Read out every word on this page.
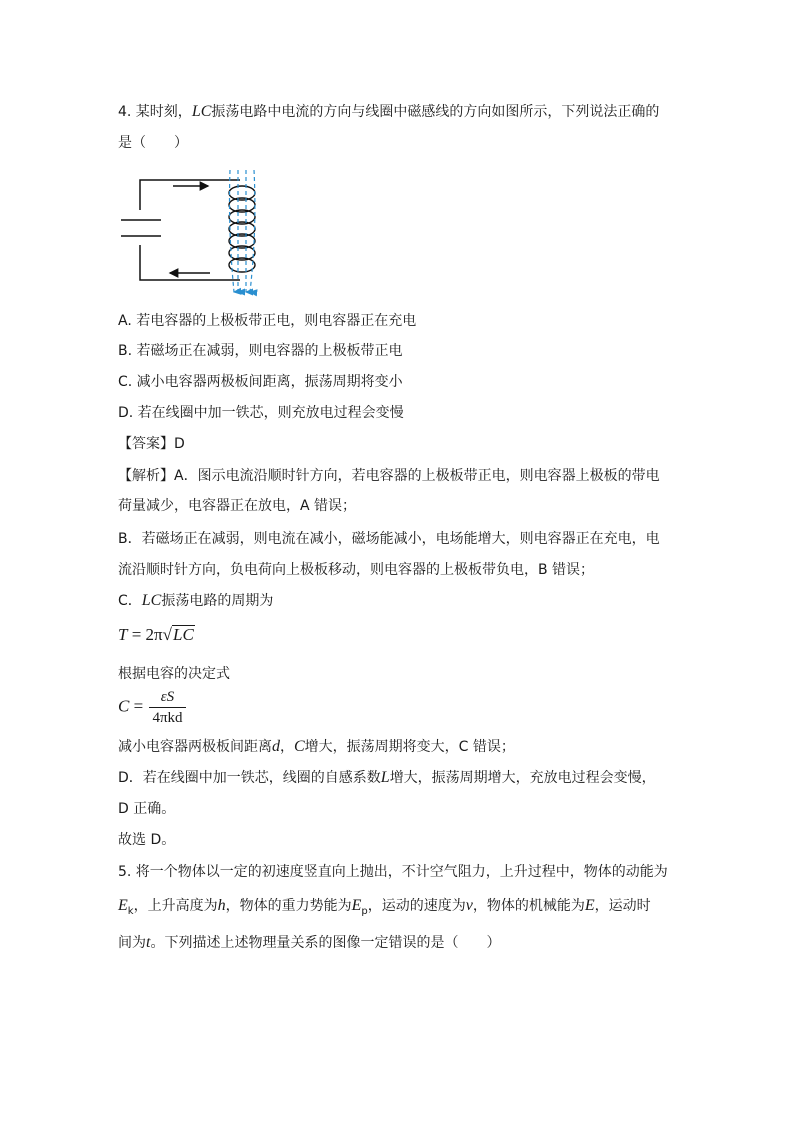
4. 某时刻，LC振荡电路中电流的方向与线圈中磁感线的方向如图所示，下列说法正确的
是（　　）
A. 若电容器的上极板带正电，则电容器正在充电
B. 若磁场正在减弱，则电容器的上极板带正电
C. 减小电容器两极板间距离，振荡周期将变小
D. 若在线圈中加一铁芯，则充放电过程会变慢
【答案】D
【解析】A．图示电流沿顺时针方向，若电容器的上极板带正电，则电容器上极板的带电
荷量减少，电容器正在放电，A 错误；
B．若磁场正在减弱，则电流在减小，磁场能减小，电场能增大，则电容器正在充电，电
流沿顺时针方向，负电荷向上极板移动，则电容器的上极板带负电，B 错误；
C．LC振荡电路的周期为
T = 2π√LC
根据电容的决定式
$C = \frac{\varepsilon S}{\text{4πkd}}$
减小电容器两极板间距离d，C增大，振荡周期将变大，C 错误；
D．若在线圈中加一铁芯，线圈的自感系数L增大，振荡周期增大，充放电过程会变慢，
D 正确。
故选 D。
5. 将一个物体以一定的初速度竖直向上抛出，不计空气阻力，上升过程中，物体的动能为
$E_k$，上升高度为h，物体的重力势能为$E_p$，运动的速度为v，物体的机械能为E，运动时
间为t。下列描述上述物理量关系的图像一定错误的是（　　）
